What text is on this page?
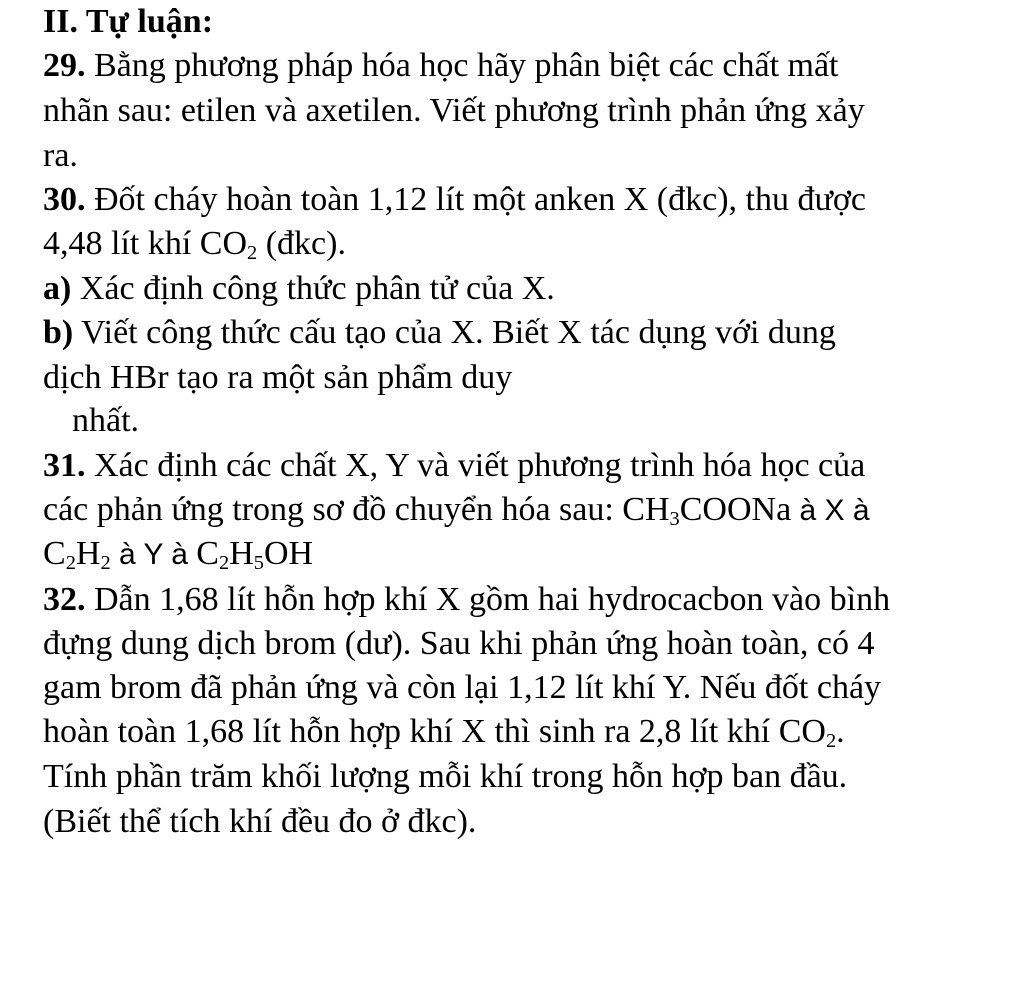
II. Tự luận:
29. Bằng phương pháp hóa học hãy phân biệt các chất mất
nhãn sau: etilen và axetilen. Viết phương trình phản ứng xảy
ra.
30. Đốt cháy hoàn toàn 1,12 lít một anken X (đkc), thu được
4,48 lít khí $CO_2$ (đkc).
a) Xác định công thức phân tử của X.
b) Viết công thức cấu tạo của X. Biết X tác dụng với dung
dịch HBr tạo ra một sản phẩm duy
nhất.
31. Xác định các chất X, Y và viết phương trình hóa học của
các phản ứng trong sơ đồ chuyển hóa sau: $CH_3COONa$ à X à
$C_2H_2$ à Y à $C_2H_5OH$
32. Dẫn 1,68 lít hỗn hợp khí X gồm hai hydrocacbon vào bình
đựng dung dịch brom (dư). Sau khi phản ứng hoàn toàn, có 4
gam brom đã phản ứng và còn lại 1,12 lít khí Y. Nếu đốt cháy
hoàn toàn 1,68 lít hỗn hợp khí X thì sinh ra 2,8 lít khí $CO_2$.
Tính phần trăm khối lượng mỗi khí trong hỗn hợp ban đầu.
(Biết thể tích khí đều đo ở đkc).
